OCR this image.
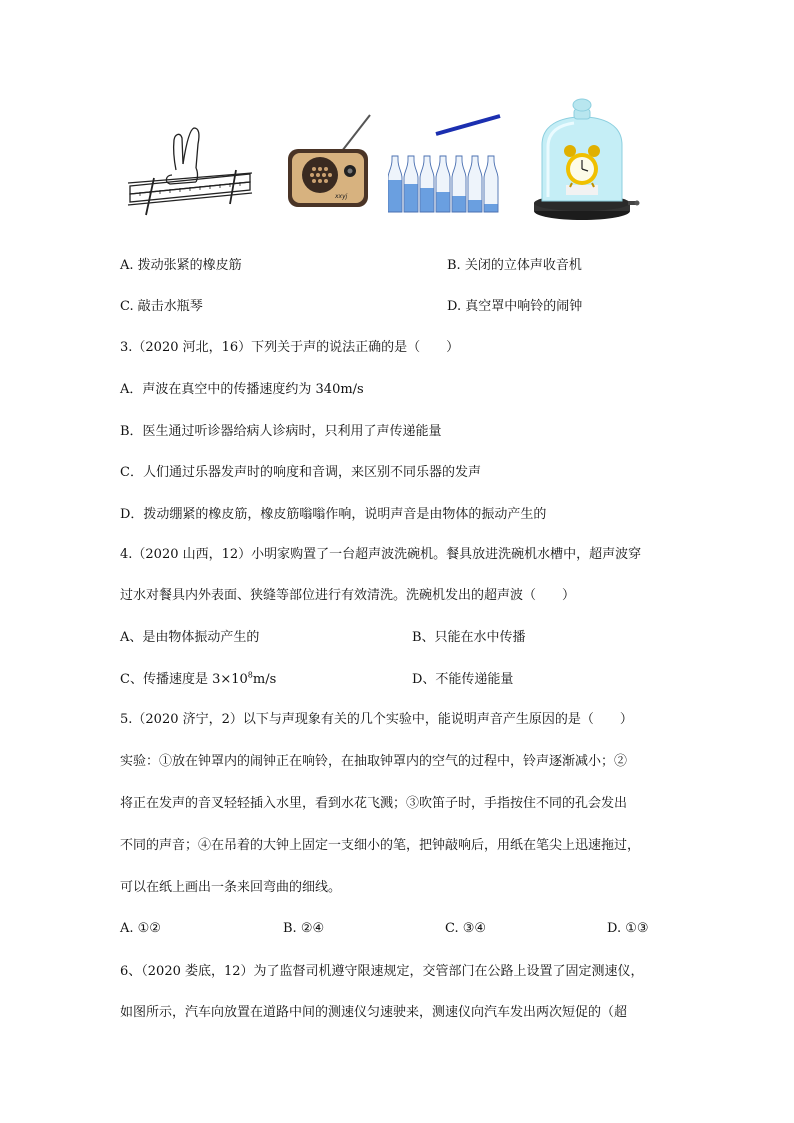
xxyj
A. 拨动张紧的橡皮筋	B. 关闭的立体声收音机
C. 敲击水瓶琴	D. 真空罩中响铃的闹钟
3.（2020 河北，16）下列关于声的说法正确的是（　　）
A．声波在真空中的传播速度约为 340m/s
B．医生通过听诊器给病人诊病时，只利用了声传递能量
C．人们通过乐器发声时的响度和音调，来区别不同乐器的发声
D．拨动绷紧的橡皮筋，橡皮筋嗡嗡作响，说明声音是由物体的振动产生的
4.（2020 山西，12）小明家购置了一台超声波洗碗机。餐具放进洗碗机水槽中，超声波穿
过水对餐具内外表面、狭缝等部位进行有效清洗。洗碗机发出的超声波（　　）
A、是由物体振动产生的	B、只能在水中传播
C、传播速度是 $3\times 10^8m/s$	D、不能传递能量
5.（2020 济宁，2）以下与声现象有关的几个实验中，能说明声音产生原因的是（　　）
实验：①放在钟罩内的闹钟正在响铃，在抽取钟罩内的空气的过程中，铃声逐渐减小；②
将正在发声的音叉轻轻插入水里，看到水花飞溅；③吹笛子时，手指按住不同的孔会发出
不同的声音；④在吊着的大钟上固定一支细小的笔，把钟敲响后，用纸在笔尖上迅速拖过，
可以在纸上画出一条来回弯曲的细线。
A. ①②	B. ②④	C. ③④	D. ①③
6、（2020 娄底，12）为了监督司机遵守限速规定，交管部门在公路上设置了固定测速仪，
如图所示，汽车向放置在道路中间的测速仪匀速驶来，测速仪向汽车发出两次短促的（超
